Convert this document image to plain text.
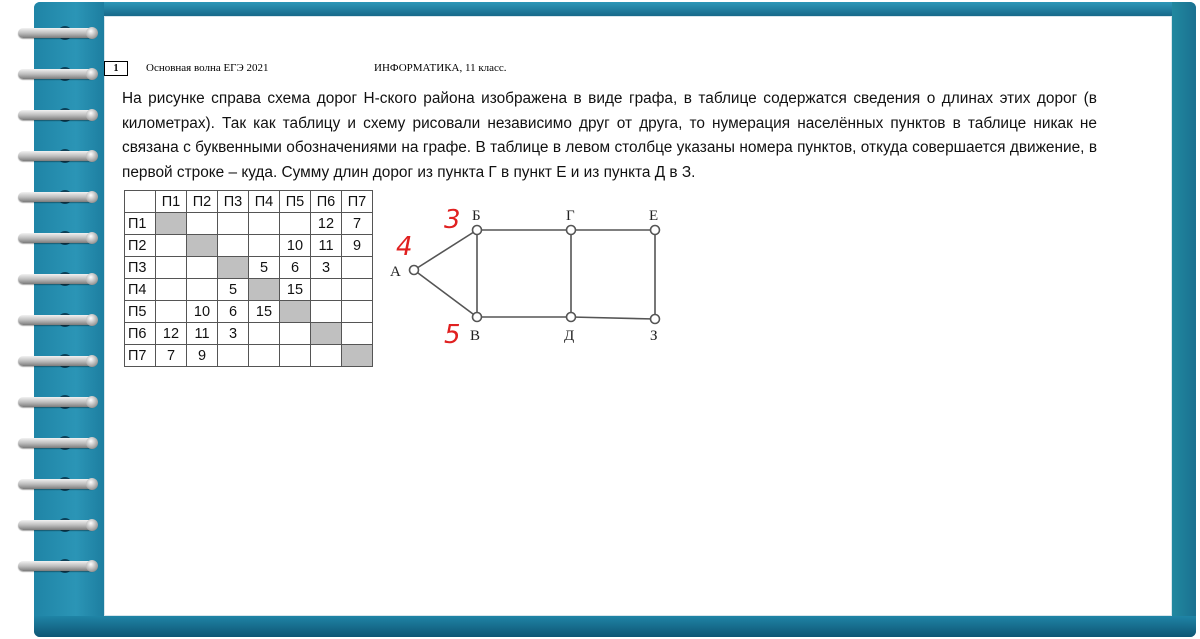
1	Основная волна ЕГЭ 2021	ИНФОРМАТИКА, 11 класс.

На рисунке справа схема дорог Н-ского района изображена в виде графа, в таблице содержатся сведения о длинах этих дорог (в километрах). Так как таблицу и схему рисовали независимо друг от друга, то нумерация населённых пунктов в таблице никак не связана с буквенными обозначениями на графе. В таблице в левом столбце указаны номера пунктов, откуда совершается движение, в первой строке – куда. Сумму длин дорог из пункта Г в пункт Е и из пункта Д в З.

	П1	П2	П3	П4	П5	П6	П7
П1						12	7
П2					10	11	9
П3				5	6	3	
П4			5		15		
П5		10	6	15			
П6	12	11	3				
П7	7	9					
А
Б
В
Г
Д
Е
З
3
4
5
